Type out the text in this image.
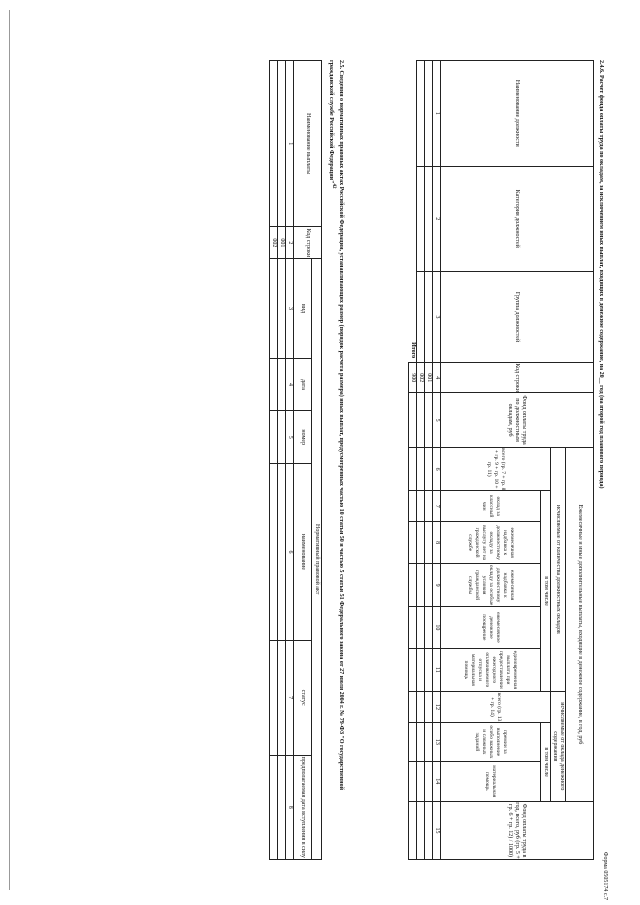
Форма 0505174 с.7
2.4.6. Расчет фонда оплаты труда по окладам, за исключением иных выплат, входящих в денежное содержание, на 20__ год (на второй год планового периода)
Наименование должности	Категория должностей	Группа должностей	Код строки	Фонд оплаты труда по должностным окладам, руб	Ежемесячные и иные дополнительные выплаты, входящие в денежное содержание, в год, руб									Фонд оплаты труда в год, всего, руб (гр. 5 + гр. 6 + гр. 12) / 1000)
					исчисляемые от количества должностных окладов						исчисляемые от оклада денежного содержания			
					всего (гр. 7 + гр. 8 + гр. 9 + гр. 10 + гр. 11)	в том числе					всего (гр. 13 + гр. 14)	в том числе		
						оклад за классный чин	ежемесячная надбавка к должностному окладу за выслугу лет на гражданской службе	ежемесячная надбавка к должностному окладу за особые условия гражданской службы	ежемесячное денежное поощрение	единовременная выплата при предоставлении ежегодного оплачиваемого отпуска и материальная помощь		премии за выполнение особо важных и сложных заданий	материальная помощь	
1	2	3	4	5	6	7	8	9	10	11	12	13	14	15
			001											
			002											
Итого			900											
2.5. Сведения о нормативных правовых актах Российской Федерации, устанавливающих размер (порядок расчета размера) иных выплат, предусмотренных частью 10 статьи 50 и частью 5 статьи 51 Федерального закона от 27 июля 2004 г. № 79-ФЗ "О государственной гражданской службе Российской Федерации"$^{42}$
Наименование выплаты	Код строки	Нормативный правовой акт					
		вид	дата	номер	наименование	статус	предполагаемая дата вступления в силу
1	2	3	4	5	6	7	8
	001						
	002						
